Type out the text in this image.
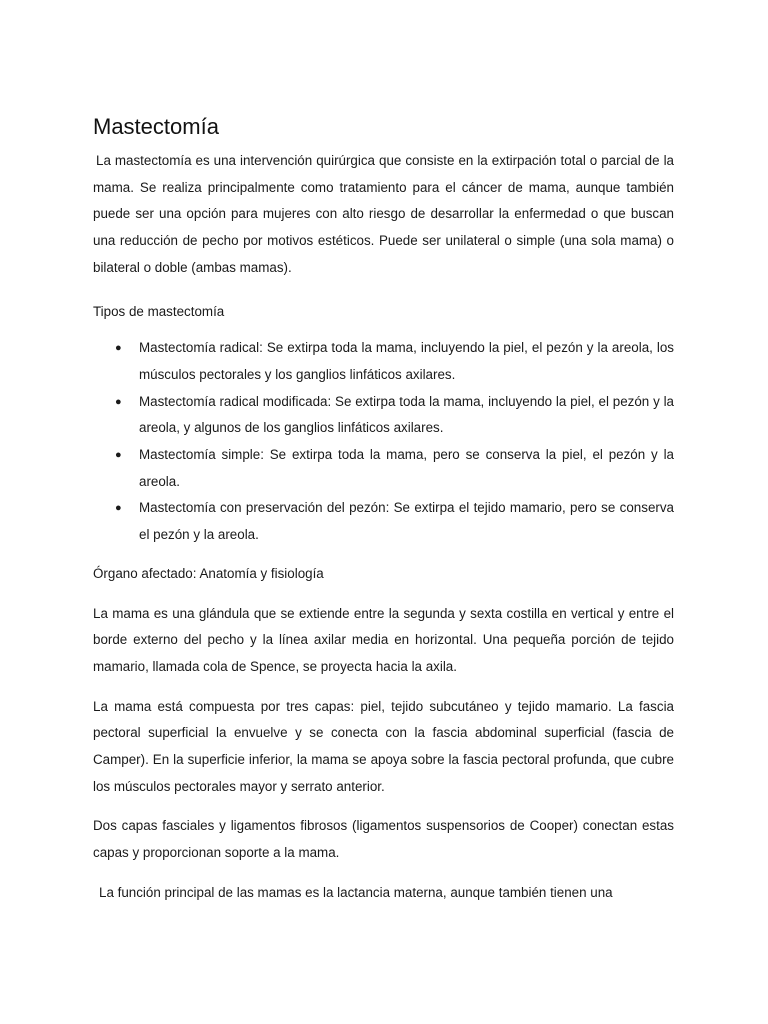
Mastectomía

La mastectomía es una intervención quirúrgica que consiste en la extirpación total o parcial de la mama. Se realiza principalmente como tratamiento para el cáncer de mama, aunque también puede ser una opción para mujeres con alto riesgo de desarrollar la enfermedad o que buscan una reducción de pecho por motivos estéticos. Puede ser unilateral o simple (una sola mama) o bilateral o doble (ambas mamas).

Tipos de mastectomía
● Mastectomía radical: Se extirpa toda la mama, incluyendo la piel, el pezón y la areola, los músculos pectorales y los ganglios linfáticos axilares.
● Mastectomía radical modificada: Se extirpa toda la mama, incluyendo la piel, el pezón y la areola, y algunos de los ganglios linfáticos axilares.
● Mastectomía simple: Se extirpa toda la mama, pero se conserva la piel, el pezón y la areola.
● Mastectomía con preservación del pezón: Se extirpa el tejido mamario, pero se conserva el pezón y la areola.
Órgano afectado: Anatomía y fisiología

La mama es una glándula que se extiende entre la segunda y sexta costilla en vertical y entre el borde externo del pecho y la línea axilar media en horizontal. Una pequeña porción de tejido mamario, llamada cola de Spence, se proyecta hacia la axila.

La mama está compuesta por tres capas: piel, tejido subcutáneo y tejido mamario. La fascia pectoral superficial la envuelve y se conecta con la fascia abdominal superficial (fascia de Camper). En la superficie inferior, la mama se apoya sobre la fascia pectoral profunda, que cubre los músculos pectorales mayor y serrato anterior.

Dos capas fasciales y ligamentos fibrosos (ligamentos suspensorios de Cooper) conectan estas capas y proporcionan soporte a la mama.

La función principal de las mamas es la lactancia materna, aunque también tienen una
